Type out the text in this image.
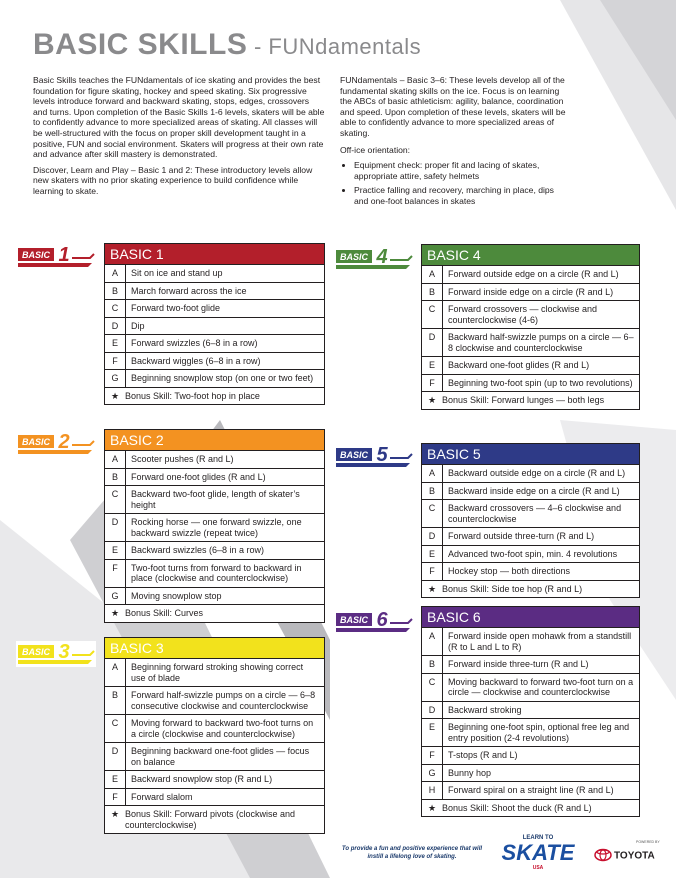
BASIC SKILLS - FUNdamentals

Basic Skills teaches the FUNdamentals of ice skating and provides the best foundation for figure skating, hockey and speed skating. Six progressive levels introduce forward and backward skating, stops, edges, crossovers and turns. Upon completion of the Basic Skills 1-6 levels, skaters will be able to confidently advance to more specialized areas of skating. All classes will be well-structured with the focus on proper skill development taught in a positive, FUN and social environment. Skaters will progress at their own rate and advance after skill mastery is demonstrated.

Discover, Learn and Play – Basic 1 and 2: These introductory levels allow new skaters with no prior skating experience to build confidence while learning to skate.

FUNdamentals – Basic 3–6: These levels develop all of the fundamental skating skills on the ice. Focus is on learning the ABCs of basic athleticism: agility, balance, coordination and speed. Upon completion of these levels, skaters will be able to confidently advance to more specialized areas of skating.

Off-ice orientation:

• Equipment check: proper fit and lacing of skates, appropriate attire, safety helmets
• Practice falling and recovery, marching in place, dips and one-foot balances in skates
BASIC 1	BASIC 1
A	Sit on ice and stand up
B	March forward across the ice
C	Forward two-foot glide
D	Dip
E	Forward swizzles (6–8 in a row)
F	Backward wiggles (6–8 in a row)
G	Beginning snowplow stop (on one or two feet)
★ Bonus Skill: Two-foot hop in place
BASIC 2	BASIC 2
A	Scooter pushes (R and L)
B	Forward one-foot glides (R and L)
C	Backward two-foot glide, length of skater’s height
D	Rocking horse — one forward swizzle, one backward swizzle (repeat twice)
E	Backward swizzles (6–8 in a row)
F	Two-foot turns from forward to backward in place (clockwise and counterclockwise)
G	Moving snowplow stop
★ Bonus Skill: Curves
BASIC 3	BASIC 3
A	Beginning forward stroking showing correct use of blade
B	Forward half-swizzle pumps on a circle — 6–8 consecutive clockwise and counterclockwise
C	Moving forward to backward two-foot turns on a circle (clockwise and counterclockwise)
D	Beginning backward one-foot glides — focus on balance
E	Backward snowplow stop (R and L)
F	Forward slalom
★ Bonus Skill: Forward pivots (clockwise and counterclockwise)
BASIC 4	BASIC 4
A	Forward outside edge on a circle (R and L)
B	Forward inside edge on a circle (R and L)
C	Forward crossovers — clockwise and counterclockwise (4-6)
D	Backward half-swizzle pumps on a circle — 6–8 clockwise and counterclockwise
E	Backward one-foot glides (R and L)
F	Beginning two-foot spin (up to two revolutions)
★ Bonus Skill: Forward lunges — both legs
BASIC 5	BASIC 5
A	Backward outside edge on a circle (R and L)
B	Backward inside edge on a circle (R and L)
C	Backward crossovers — 4–6 clockwise and counterclockwise
D	Forward outside three-turn (R and L)
E	Advanced two-foot spin, min. 4 revolutions
F	Hockey stop — both directions
★ Bonus Skill: Side toe hop (R and L)
BASIC 6	BASIC 6
A	Forward inside open mohawk from a standstill (R to L and L to R)
B	Forward inside three-turn (R and L)
C	Moving backward to forward two-foot turn on a circle — clockwise and counterclockwise
D	Backward stroking
E	Beginning one-foot spin, optional free leg and entry position (2-4 revolutions)
F	T-stops (R and L)
G	Bunny hop
H	Forward spiral on a straight line (R and L)
★ Bonus Skill: Shoot the duck (R and L)
To provide a fun and positive experience that will instill a lifelong love of skating.
LEARN TO
SKATE
USA
POWERED BY
TOYOTA
